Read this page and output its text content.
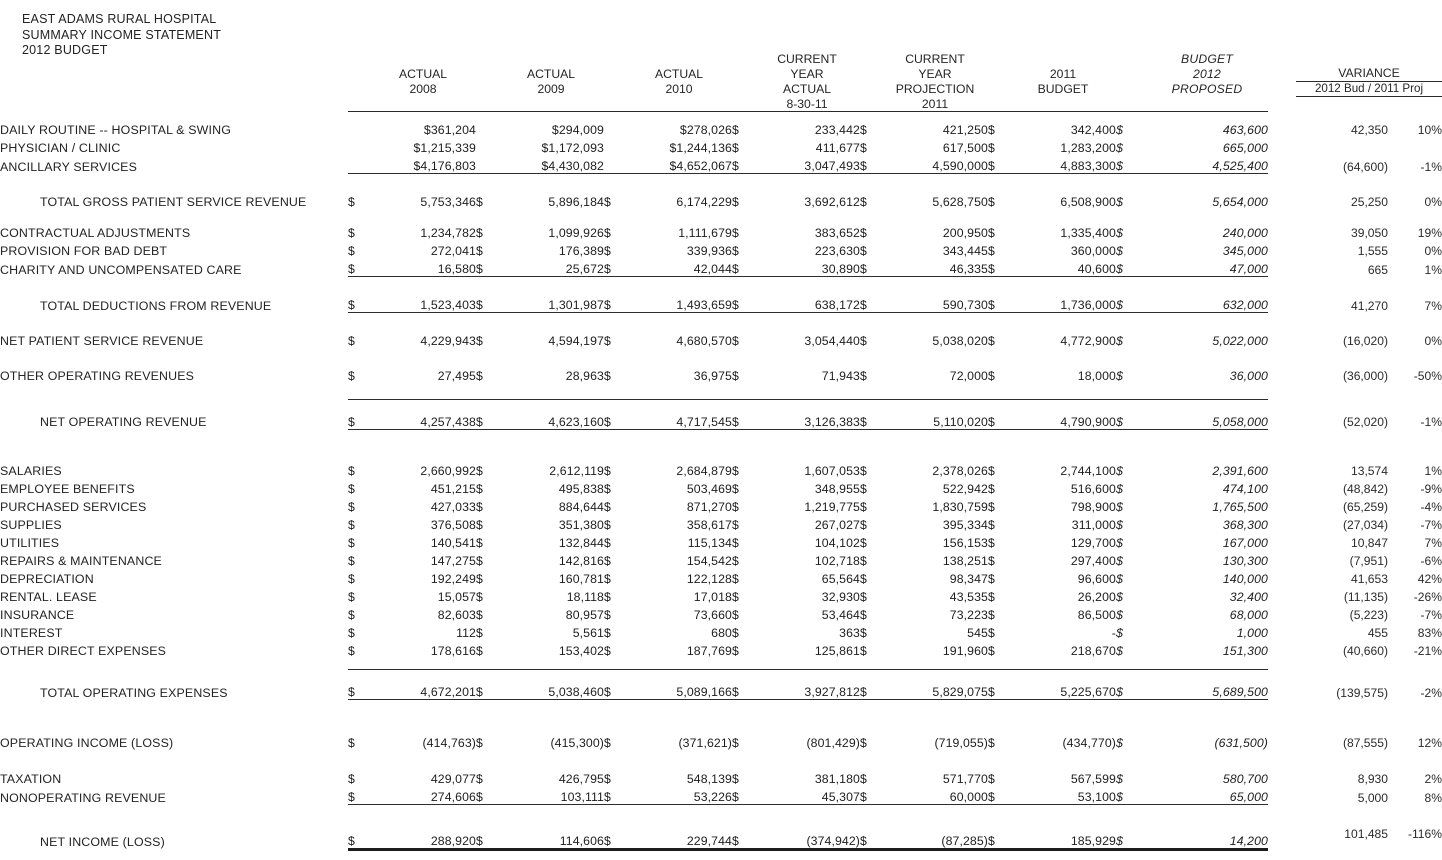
EAST ADAMS RURAL HOSPITAL
SUMMARY INCOME STATEMENT
2012 BUDGET

								CURRENT		CURRENT				BUDGET			
		ACTUAL		ACTUAL		ACTUAL		YEAR		YEAR		2011		2012		VARIANCE	
		2008		2009		2010		ACTUAL		PROJECTION		BUDGET		PROPOSED		2012 Bud / 2011 Proj	
								8-30-11		2011							

DAILY ROUTINE -- HOSPITAL & SWING		$361,204		$294,009		$278,026	$	233,442	$	421,250	$	342,400	$	463,600		42,350	10%
PHYSICIAN / CLINIC		$1,215,339		$1,172,093		$1,244,136	$	411,677	$	617,500	$	1,283,200	$	665,000			
ANCILLARY SERVICES		$4,176,803		$4,430,082		$4,652,067	$	3,047,493	$	4,590,000	$	4,883,300	$	4,525,400		(64,600)	-1%

TOTAL GROSS PATIENT SERVICE REVENUE	$	5,753,346	$	5,896,184	$	6,174,229	$	3,692,612	$	5,628,750	$	6,508,900	$	5,654,000		25,250	0%

CONTRACTUAL ADJUSTMENTS	$	1,234,782	$	1,099,926	$	1,111,679	$	383,652	$	200,950	$	1,335,400	$	240,000		39,050	19%
PROVISION FOR BAD DEBT	$	272,041	$	176,389	$	339,936	$	223,630	$	343,445	$	360,000	$	345,000		1,555	0%
CHARITY AND UNCOMPENSATED CARE	$	16,580	$	25,672	$	42,044	$	30,890	$	46,335	$	40,600	$	47,000		665	1%

TOTAL DEDUCTIONS FROM REVENUE	$	1,523,403	$	1,301,987	$	1,493,659	$	638,172	$	590,730	$	1,736,000	$	632,000		41,270	7%

NET PATIENT SERVICE REVENUE	$	4,229,943	$	4,594,197	$	4,680,570	$	3,054,440	$	5,038,020	$	4,772,900	$	5,022,000		(16,020)	0%

OTHER OPERATING REVENUES	$	27,495	$	28,963	$	36,975	$	71,943	$	72,000	$	18,000	$	36,000		(36,000)	-50%

NET OPERATING REVENUE	$	4,257,438	$	4,623,160	$	4,717,545	$	3,126,383	$	5,110,020	$	4,790,900	$	5,058,000		(52,020)	-1%

SALARIES	$	2,660,992	$	2,612,119	$	2,684,879	$	1,607,053	$	2,378,026	$	2,744,100	$	2,391,600		13,574	1%
EMPLOYEE BENEFITS	$	451,215	$	495,838	$	503,469	$	348,955	$	522,942	$	516,600	$	474,100		(48,842)	-9%
PURCHASED SERVICES	$	427,033	$	884,644	$	871,270	$	1,219,775	$	1,830,759	$	798,900	$	1,765,500		(65,259)	-4%
SUPPLIES	$	376,508	$	351,380	$	358,617	$	267,027	$	395,334	$	311,000	$	368,300		(27,034)	-7%
UTILITIES	$	140,541	$	132,844	$	115,134	$	104,102	$	156,153	$	129,700	$	167,000		10,847	7%
REPAIRS & MAINTENANCE	$	147,275	$	142,816	$	154,542	$	102,718	$	138,251	$	297,400	$	130,300		(7,951)	-6%
DEPRECIATION	$	192,249	$	160,781	$	122,128	$	65,564	$	98,347	$	96,600	$	140,000		41,653	42%
RENTAL. LEASE	$	15,057	$	18,118	$	17,018	$	32,930	$	43,535	$	26,200	$	32,400		(11,135)	-26%
INSURANCE	$	82,603	$	80,957	$	73,660	$	53,464	$	73,223	$	86,500	$	68,000		(5,223)	-7%
INTEREST	$	112	$	5,561	$	680	$	363	$	545	$	-	$	1,000		455	83%
OTHER DIRECT EXPENSES	$	178,616	$	153,402	$	187,769	$	125,861	$	191,960	$	218,670	$	151,300		(40,660)	-21%

TOTAL OPERATING EXPENSES	$	4,672,201	$	5,038,460	$	5,089,166	$	3,927,812	$	5,829,075	$	5,225,670	$	5,689,500		(139,575)	-2%

OPERATING INCOME (LOSS)	$	(414,763)	$	(415,300)	$	(371,621)	$	(801,429)	$	(719,055)	$	(434,770)	$	(631,500)		(87,555)	12%

TAXATION	$	429,077	$	426,795	$	548,139	$	381,180	$	571,770	$	567,599	$	580,700		8,930	2%
NONOPERATING REVENUE	$	274,606	$	103,111	$	53,226	$	45,307	$	60,000	$	53,100	$	65,000		5,000	8%

NET INCOME (LOSS)	$	288,920	$	114,606	$	229,744	$	(374,942)	$	(87,285)	$	185,929	$	14,200		101,485	-116%
